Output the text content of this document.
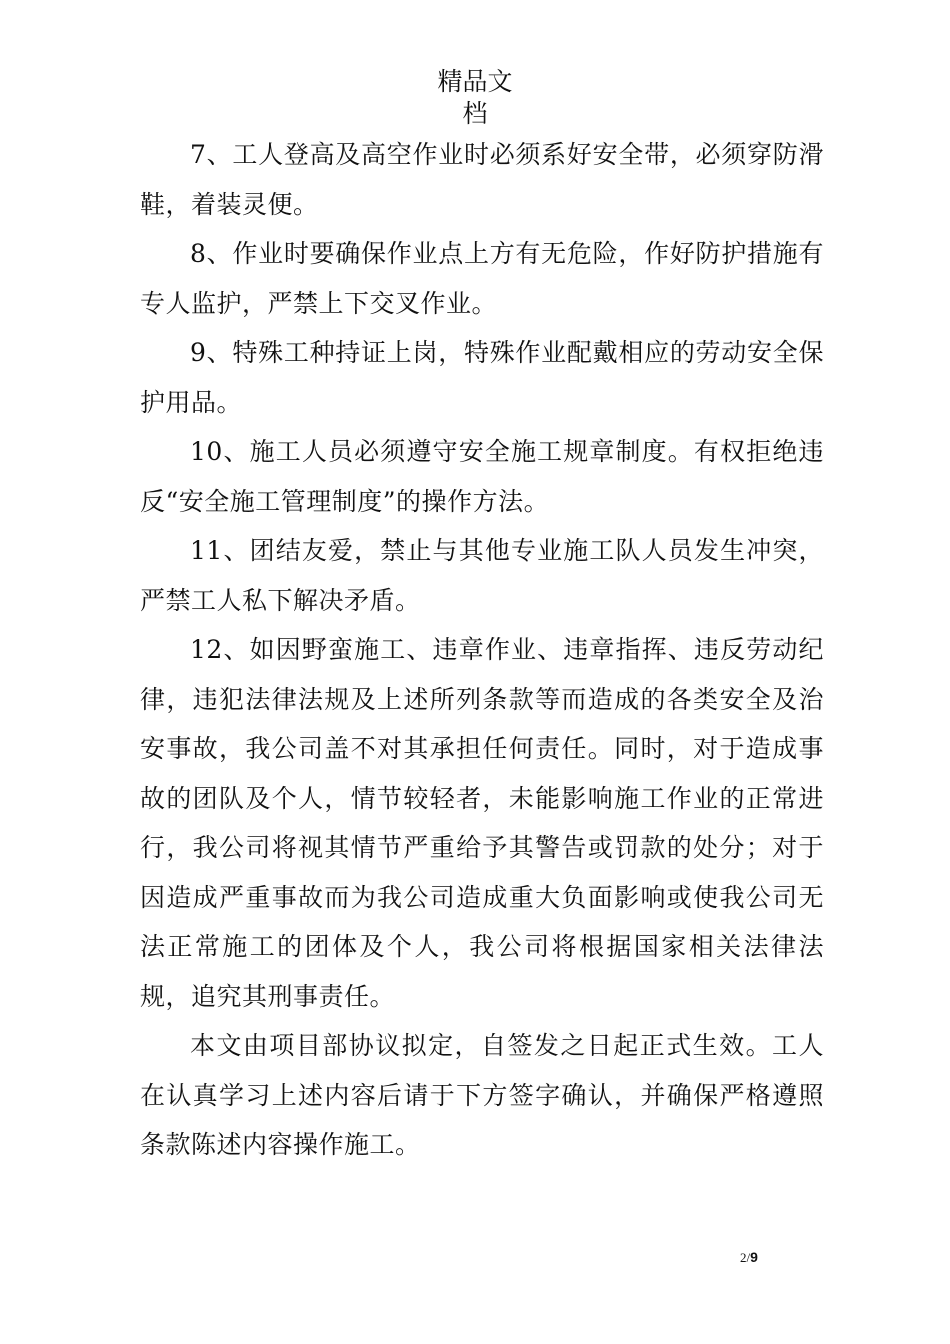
精品文
档

7、工人登高及高空作业时必须系好安全带，必须穿防滑鞋，着装灵便。

8、作业时要确保作业点上方有无危险，作好防护措施有专人监护，严禁上下交叉作业。

9、特殊工种持证上岗，特殊作业配戴相应的劳动安全保护用品。

10、施工人员必须遵守安全施工规章制度。有权拒绝违反“安全施工管理制度”的操作方法。

11、团结友爱，禁止与其他专业施工队人员发生冲突，严禁工人私下解决矛盾。

12、如因野蛮施工、违章作业、违章指挥、违反劳动纪律，违犯法律法规及上述所列条款等而造成的各类安全及治安事故，我公司盖不对其承担任何责任。同时，对于造成事故的团队及个人，情节较轻者，未能影响施工作业的正常进行，我公司将视其情节严重给予其警告或罚款的处分；对于因造成严重事故而为我公司造成重大负面影响或使我公司无法正常施工的团体及个人，我公司将根据国家相关法律法规，追究其刑事责任。

本文由项目部协议拟定，自签发之日起正式生效。工人在认真学习上述内容后请于下方签字确认，并确保严格遵照条款陈述内容操作施工。

2/9
